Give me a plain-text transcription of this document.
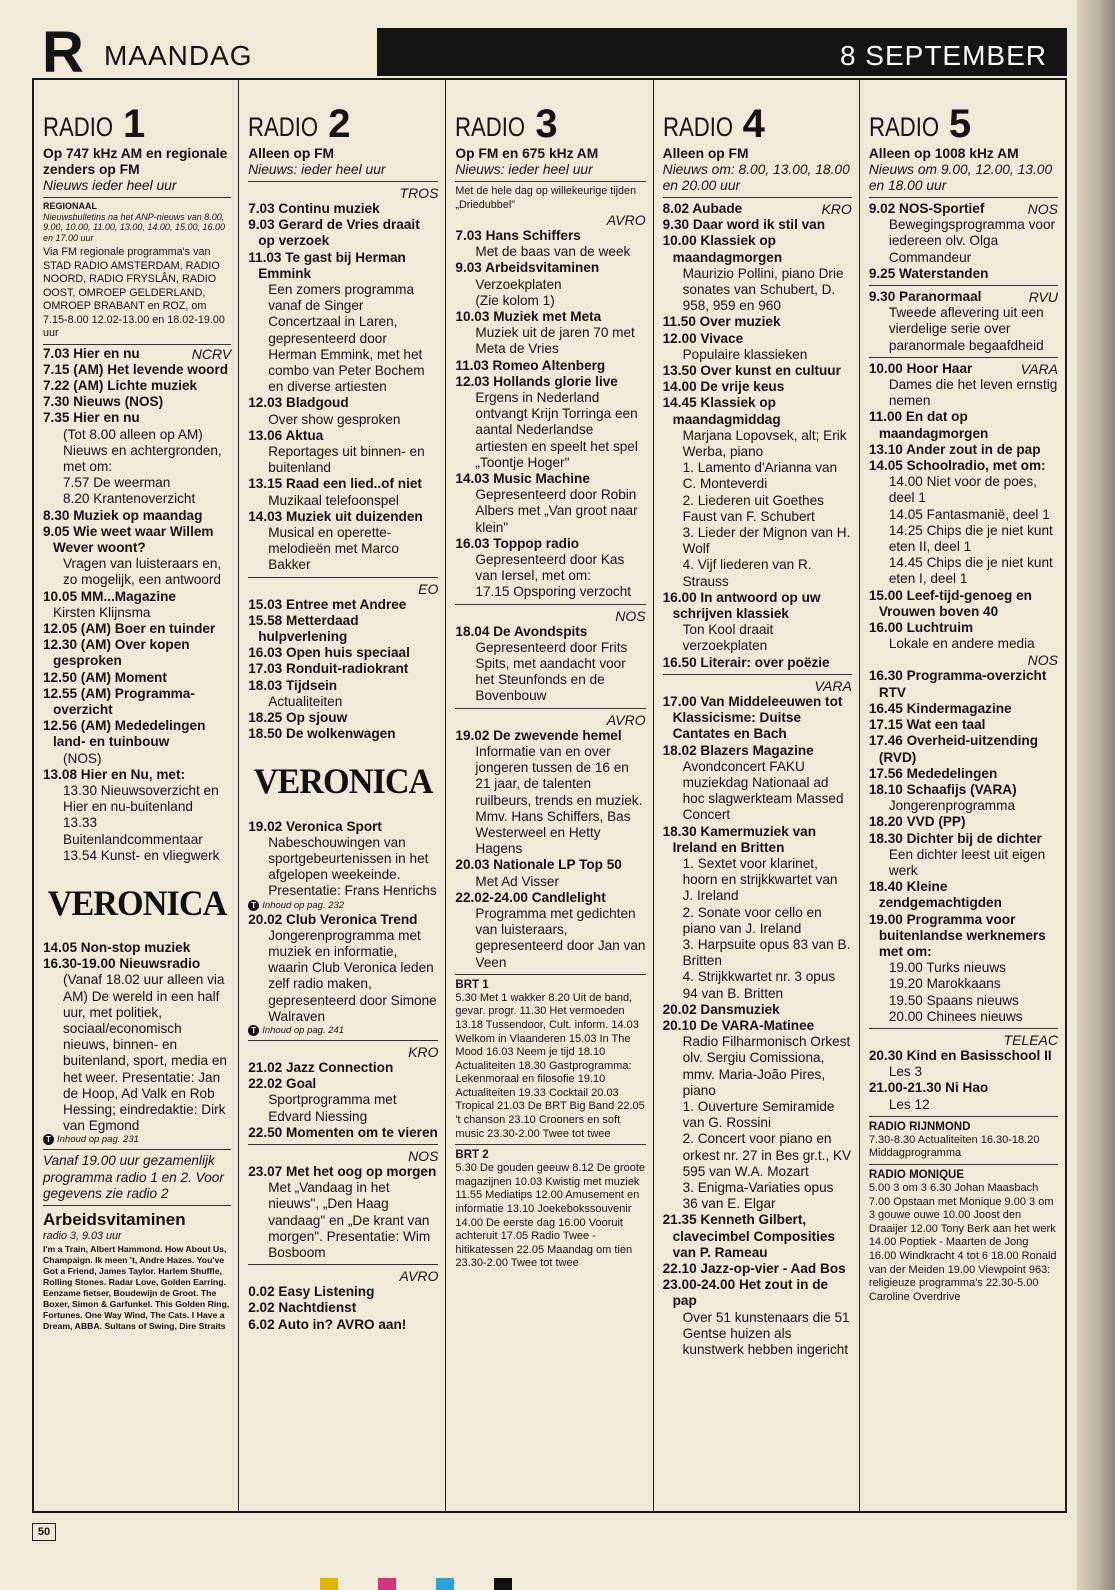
R MAANDAG	8 SEPTEMBER
RADIO 1
Op 747 kHz AM en regionale zenders op FM
Nieuws ieder heel uur
REGIONAAL
Nieuwsbulletins na het ANP-nieuws van 8.00, 9.00, 10.00, 11.00, 13.00, 14.00, 15.00, 16.00 en 17.00 uur
Via FM regionale programma's van STAD RADIO AMSTERDAM, RADIO NOORD, RADIO FRYSLÂN, RADIO OOST, OMROEP GELDERLAND, OMROEP BRABANT en ROZ, om 7.15-8.00 12.02-13.00 en 18.02-19.00 uur
NCRV
7.03 Hier en nu
7.15 (AM) Het levende woord
7.22 (AM) Lichte muziek
7.30 Nieuws (NOS)
7.35 Hier en nu
(Tot 8.00 alleen op AM) Nieuws en achtergronden, met om:
7.57 De weerman
8.20 Krantenoverzicht
8.30 Muziek op maandag
9.05 Wie weet waar Willem Wever woont?
Vragen van luisteraars en, zo mogelijk, een antwoord
10.05 MM...Magazine
Kirsten Klijnsma
12.05 (AM) Boer en tuinder
12.30 (AM) Over kopen gesproken
12.50 (AM) Moment
12.55 (AM) Programma-overzicht
12.56 (AM) Mededelingen land- en tuinbouw
(NOS)
13.08 Hier en Nu, met:
13.30 Nieuwsoverzicht en Hier en nu-buitenland
13.33 Buitenlandcommentaar
13.54 Kunst- en vliegwerk
VERONICA
14.05 Non-stop muziek
16.30-19.00 Nieuwsradio
(Vanaf 18.02 uur alleen via AM) De wereld in een half uur, met politiek, sociaal/economisch nieuws, binnen- en buitenland, sport, media en het weer. Presentatie: Jan de Hoop, Ad Valk en Rob Hessing; eindredaktie: Dirk van Egmond
T Inhoud op pag. 231
Vanaf 19.00 uur gezamenlijk programma radio 1 en 2. Voor gegevens zie radio 2
Arbeidsvitaminen
radio 3, 9.03 uur
I'm a Train, Albert Hammond. How About Us, Champaign. Ik meen 't, Andre Hazes. You've Got a Friend, James Taylor. Harlem Shuffle, Rolling Stones. Radar Love, Golden Earring. Eenzame fietser, Boudewijn de Groot. The Boxer, Simon & Garfunkel. This Golden Ring, Fortunes. One Way Wind, The Cats. I Have a Dream, ABBA. Sultans of Swing, Dire Straits
RADIO 2
Alleen op FM
Nieuws: ieder heel uur
TROS
7.03 Continu muziek
9.03 Gerard de Vries draait op verzoek
11.03 Te gast bij Herman Emmink
Een zomers programma vanaf de Singer Concertzaal in Laren, gepresenteerd door Herman Emmink, met het combo van Peter Bochem en diverse artiesten
12.03 Bladgoud
Over show gesproken
13.06 Aktua
Reportages uit binnen- en buitenland
13.15 Raad een lied..of niet
Muzikaal telefoonspel
14.03 Muziek uit duizenden
Musical en operette-melodieën met Marco Bakker
EO
15.03 Entree met Andree
15.58 Metterdaad hulpverlening
16.03 Open huis speciaal
17.03 Ronduit-radiokrant
18.03 Tijdsein
Actualiteiten
18.25 Op sjouw
18.50 De wolkenwagen
VERONICA
19.02 Veronica Sport
Nabeschouwingen van sportgebeurtenissen in het afgelopen weekeinde. Presentatie: Frans Henrichs
T Inhoud op pag. 232
20.02 Club Veronica Trend
Jongerenprogramma met muziek en informatie, waarin Club Veronica leden zelf radio maken, gepresenteerd door Simone Walraven
T Inhoud op pag. 241
KRO
21.02 Jazz Connection
22.02 Goal
Sportprogramma met Edvard Niessing
22.50 Momenten om te vieren
NOS
23.07 Met het oog op morgen
Met „Vandaag in het nieuws", „Den Haag vandaag" en „De krant van morgen". Presentatie: Wim Bosboom
AVRO
0.02 Easy Listening
2.02 Nachtdienst
6.02 Auto in? AVRO aan!
RADIO 3
Op FM en 675 kHz AM
Nieuws: ieder heel uur
Met de hele dag op willekeurige tijden „Driedubbel"
AVRO
7.03 Hans Schiffers
Met de baas van de week
9.03 Arbeidsvitaminen
Verzoekplaten
(Zie kolom 1)
10.03 Muziek met Meta
Muziek uit de jaren 70 met Meta de Vries
11.03 Romeo Altenberg
12.03 Hollands glorie live
Ergens in Nederland ontvangt Krijn Torringa een aantal Nederlandse artiesten en speelt het spel „Toontje Hoger"
14.03 Music Machine
Gepresenteerd door Robin Albers met „Van groot naar klein"
16.03 Toppop radio
Gepresenteerd door Kas van Iersel, met om:
17.15 Opsporing verzocht
NOS
18.04 De Avondspits
Gepresenteerd door Frits Spits, met aandacht voor het Steunfonds en de Bovenbouw
AVRO
19.02 De zwevende hemel
Informatie van en over jongeren tussen de 16 en 21 jaar, de talenten ruilbeurs, trends en muziek. Mmv. Hans Schiffers, Bas Westerweel en Hetty Hagens
20.03 Nationale LP Top 50
Met Ad Visser
22.02-24.00 Candlelight
Programma met gedichten van luisteraars, gepresenteerd door Jan van Veen
BRT 1
5.30 Met 1 wakker 8.20 Uit de band, gevar. progr. 11.30 Het vermoeden 13.18 Tussendoor, Cult. inform. 14.03 Welkom in Vlaanderen 15.03 In The Mood 16.03 Neem je tijd 18.10 Actualiteiten 18.30 Gastprogramma: Lekenmoraal en filosofie 19.10 Actualiteiten 19.33 Cocktail 20.03 Tropical 21.03 De BRT Big Band 22.05 't chanson 23.10 Crooners en soft music 23.30-2.00 Twee tot twee
BRT 2
5.30 De gouden geeuw 8.12 De groote magazijnen 10.03 Kwistig met muziek 11.55 Mediatips 12.00 Amusement en informatie 13.10 Joekebokssouvenir 14.00 De eerste dag 16.00 Vooruit achteruit 17.05 Radio Twee - hitikatessen 22.05 Maandag om tien 23.30-2.00 Twee tot twee
RADIO 4
Alleen op FM
Nieuws om: 8.00, 13.00, 18.00 en 20.00 uur
KRO
8.02 Aubade
9.30 Daar word ik stil van
10.00 Klassiek op maandagmorgen
Maurizio Pollini, piano Drie sonates van Schubert, D. 958, 959 en 960
11.50 Over muziek
12.00 Vivace
Populaire klassieken
13.50 Over kunst en cultuur
14.00 De vrije keus
14.45 Klassiek op maandagmiddag
Marjana Lopovsek, alt; Erik Werba, piano
1. Lamento d'Arianna van C. Monteverdi
2. Liederen uit Goethes Faust van F. Schubert
3. Lieder der Mignon van H. Wolf
4. Vijf liederen van R. Strauss
16.00 In antwoord op uw schrijven klassiek
Ton Kool draait verzoekplaten
16.50 Literair: over poëzie
VARA
17.00 Van Middeleeuwen tot Klassicisme: Duitse Cantates en Bach
18.02 Blazers Magazine
Avondconcert FAKU muziekdag Nationaal ad hoc slagwerkteam Massed Concert
18.30 Kamermuziek van Ireland en Britten
1. Sextet voor klarinet, hoorn en strijkkwartet van J. Ireland
2. Sonate voor cello en piano van J. Ireland
3. Harpsuite opus 83 van B. Britten
4. Strijkkwartet nr. 3 opus 94 van B. Britten
20.02 Dansmuziek
20.10 De VARA-Matinee
Radio Filharmonisch Orkest olv. Sergiu Comissiona, mmv. Maria-João Pires, piano
1. Ouverture Semiramide van G. Rossini
2. Concert voor piano en orkest nr. 27 in Bes gr.t., KV 595 van W.A. Mozart
3. Enigma-Variaties opus 36 van E. Elgar
21.35 Kenneth Gilbert, clavecimbel Composities van P. Rameau
22.10 Jazz-op-vier - Aad Bos
23.00-24.00 Het zout in de pap
Over 51 kunstenaars die 51 Gentse huizen als kunstwerk hebben ingericht
RADIO 5
Alleen op 1008 kHz AM
Nieuws om 9.00, 12.00, 13.00 en 18.00 uur
NOS
9.02 NOS-Sportief
Bewegingsprogramma voor iedereen olv. Olga Commandeur
9.25 Waterstanden
RVU
9.30 Paranormaal
Tweede aflevering uit een vierdelige serie over paranormale begaafdheid
VARA
10.00 Hoor Haar
Dames die het leven ernstig nemen
11.00 En dat op maandagmorgen
13.10 Ander zout in de pap
14.05 Schoolradio, met om:
14.00 Niet voor de poes, deel 1
14.05 Fantasmanië, deel 1
14.25 Chips die je niet kunt eten II, deel 1
14.45 Chips die je niet kunt eten I, deel 1
15.00 Leef-tijd-genoeg en Vrouwen boven 40
16.00 Luchtruim
Lokale en andere media
NOS
16.30 Programma-overzicht RTV
16.45 Kindermagazine
17.15 Wat een taal
17.46 Overheid-uitzending (RVD)
17.56 Mededelingen
18.10 Schaafijs (VARA)
Jongerenprogramma
18.20 VVD (PP)
18.30 Dichter bij de dichter
Een dichter leest uit eigen werk
18.40 Kleine zendgemachtigden
19.00 Programma voor buitenlandse werknemers met om:
19.00 Turks nieuws
19.20 Marokkaans
19.50 Spaans nieuws
20.00 Chinees nieuws
TELEAC
20.30 Kind en Basisschool II
Les 3
21.00-21.30 Ni Hao
Les 12
RADIO RIJNMOND
7.30-8.30 Actualiteiten 16.30-18.20 Middagprogramma
RADIO MONIQUE
5.00 3 om 3 6.30 Johan Maasbach 7.00 Opstaan met Monique 9.00 3 om 3 gouwe ouwe 10.00 Joost den Draaijer 12.00 Tony Berk aan het werk 14.00 Poptiek - Maarten de Jong 16.00 Windkracht 4 tot 6 18.00 Ronald van der Meiden 19.00 Viewpoint 963: religieuze programma's 22.30-5.00 Caroline Overdrive
50
